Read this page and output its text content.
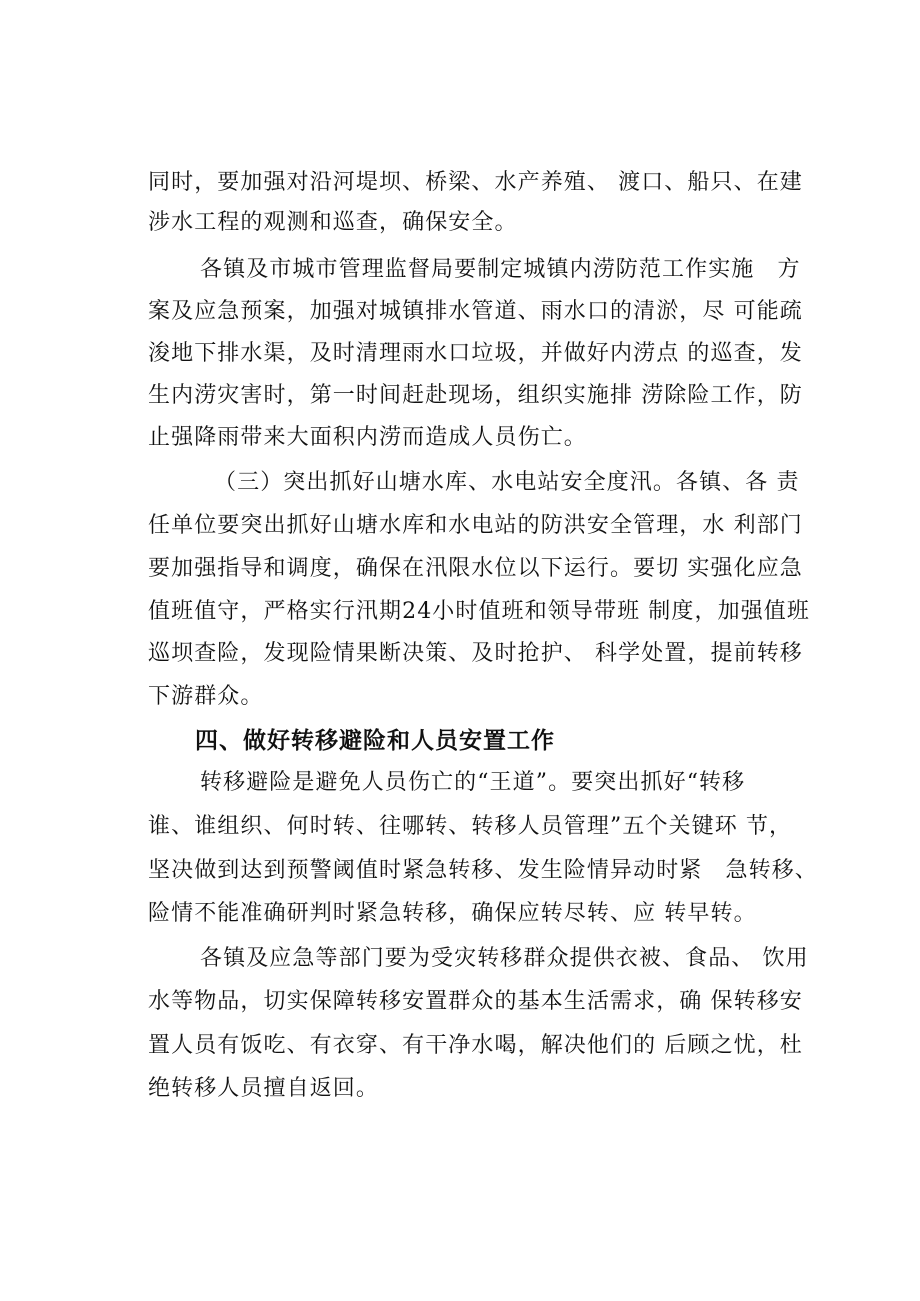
同时，要加强对沿河堤坝、桥梁、水产养殖、 渡口、船只、在建
涉水工程的观测和巡查，确保安全。
各镇及市城市管理监督局要制定城镇内涝防范工作实施　方
案及应急预案，加强对城镇排水管道、雨水口的清淤，尽 可能疏
浚地下排水渠，及时清理雨水口垃圾，并做好内涝点 的巡查，发
生内涝灾害时，第一时间赶赴现场，组织实施排 涝除险工作，防
止强降雨带来大面积内涝而造成人员伤亡。
（三）突出抓好山塘水库、水电站安全度汛。各镇、各 责
任单位要突出抓好山塘水库和水电站的防洪安全管理，水 利部门
要加强指导和调度，确保在汛限水位以下运行。要切 实强化应急
值班值守，严格实行汛期24小时值班和领导带班 制度，加强值班
巡坝查险，发现险情果断决策、及时抢护、 科学处置，提前转移
下游群众。
四、做好转移避险和人员安置工作
转移避险是避免人员伤亡的“王道”。要突出抓好“转移
谁、谁组织、何时转、往哪转、转移人员管理”五个关键环 节，
坚决做到达到预警阈值时紧急转移、发生险情异动时紧　急转移、
险情不能准确研判时紧急转移，确保应转尽转、应 转早转。
各镇及应急等部门要为受灾转移群众提供衣被、食品、 饮用
水等物品，切实保障转移安置群众的基本生活需求，确 保转移安
置人员有饭吃、有衣穿、有干净水喝，解决他们的 后顾之忧，杜
绝转移人员擅自返回。
